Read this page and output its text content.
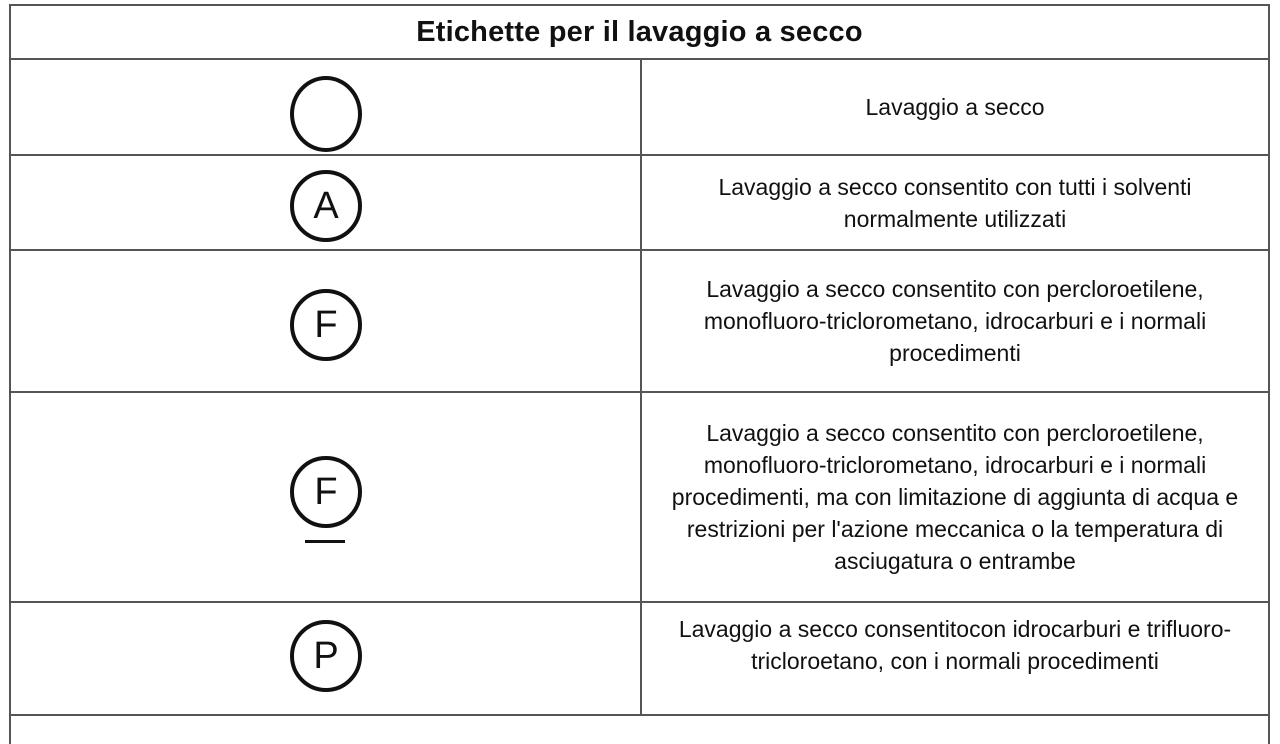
Etichette per il lavaggio a secco
Lavaggio a secco
A	Lavaggio a secco consentito con tutti i solventi normalmente utilizzati
F
Lavaggio a secco consentito con percloroetilene, monofluoro-triclorometano, idrocarburi e i normali procedimenti
F
Lavaggio a secco consentito con percloroetilene, monofluoro-triclorometano, idrocarburi e i normali procedimenti, ma con limitazione di aggiunta di acqua e restrizioni per l'azione meccanica o la temperatura di asciugatura o entrambe
P
Lavaggio a secco consentitocon idrocarburi e trifluoro-tricloroetano, con i normali procedimenti
